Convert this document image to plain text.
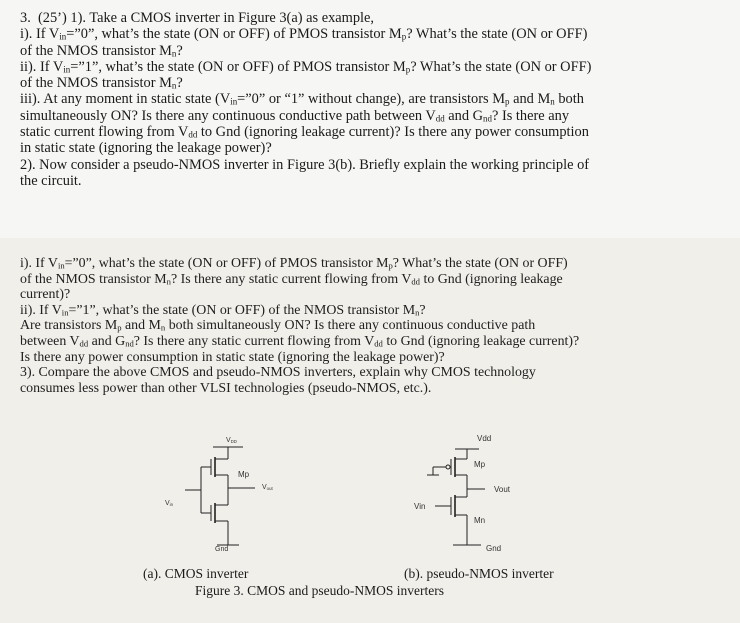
3. (25’) 1). Take a CMOS inverter in Figure 3(a) as example,
i). If $V_{in}=”0$”, what’s the state (ON or OFF) of PMOS transistor $M_p$? What’s the state (ON or OFF)
of the NMOS transistor $M_n$?
ii). If $V_{in}=”1$”, what’s the state (ON or OFF) of PMOS transistor $M_p$? What’s the state (ON or OFF)
of the NMOS transistor $M_n$?
iii). At any moment in static state ($V_{in}=”0$” or “1” without change), are transistors $M_p$ and $M_n$ both
simultaneously ON? Is there any continuous conductive path between $V_{dd}$ and $G_{nd}$? Is there any
static current flowing from $V_{dd}$ to Gnd (ignoring leakage current)? Is there any power consumption
in static state (ignoring the leakage power)?
2). Now consider a pseudo-NMOS inverter in Figure 3(b). Briefly explain the working principle of
the circuit.
i). If $V_{in}=”0$”, what’s the state (ON or OFF) of PMOS transistor $M_p$? What’s the state (ON or OFF)
of the NMOS transistor $M_n$? Is there any static current flowing from $V_{dd}$ to Gnd (ignoring leakage
current)?
ii). If $V_{in}=”1$”, what’s the state (ON or OFF) of the NMOS transistor $M_n$?
Are transistors $M_p$ and $M_n$ both simultaneously ON? Is there any continuous conductive path
between $V_{dd}$ and $G_{nd}$? Is there any static current flowing from $V_{dd}$ to Gnd (ignoring leakage current)?
Is there any power consumption in static state (ignoring the leakage power)?
3). Compare the above CMOS and pseudo-NMOS inverters, explain why CMOS technology
consumes less power than other VLSI technologies (pseudo-NMOS, etc.).
$V_{DD}$
Mp
$V_{out}$
$V_{in}$
Gnd
Vdd
Mp
Vout
Vin
Mn
Gnd
(a). CMOS inverter	(b). pseudo-NMOS inverter
Figure 3. CMOS and pseudo-NMOS inverters
